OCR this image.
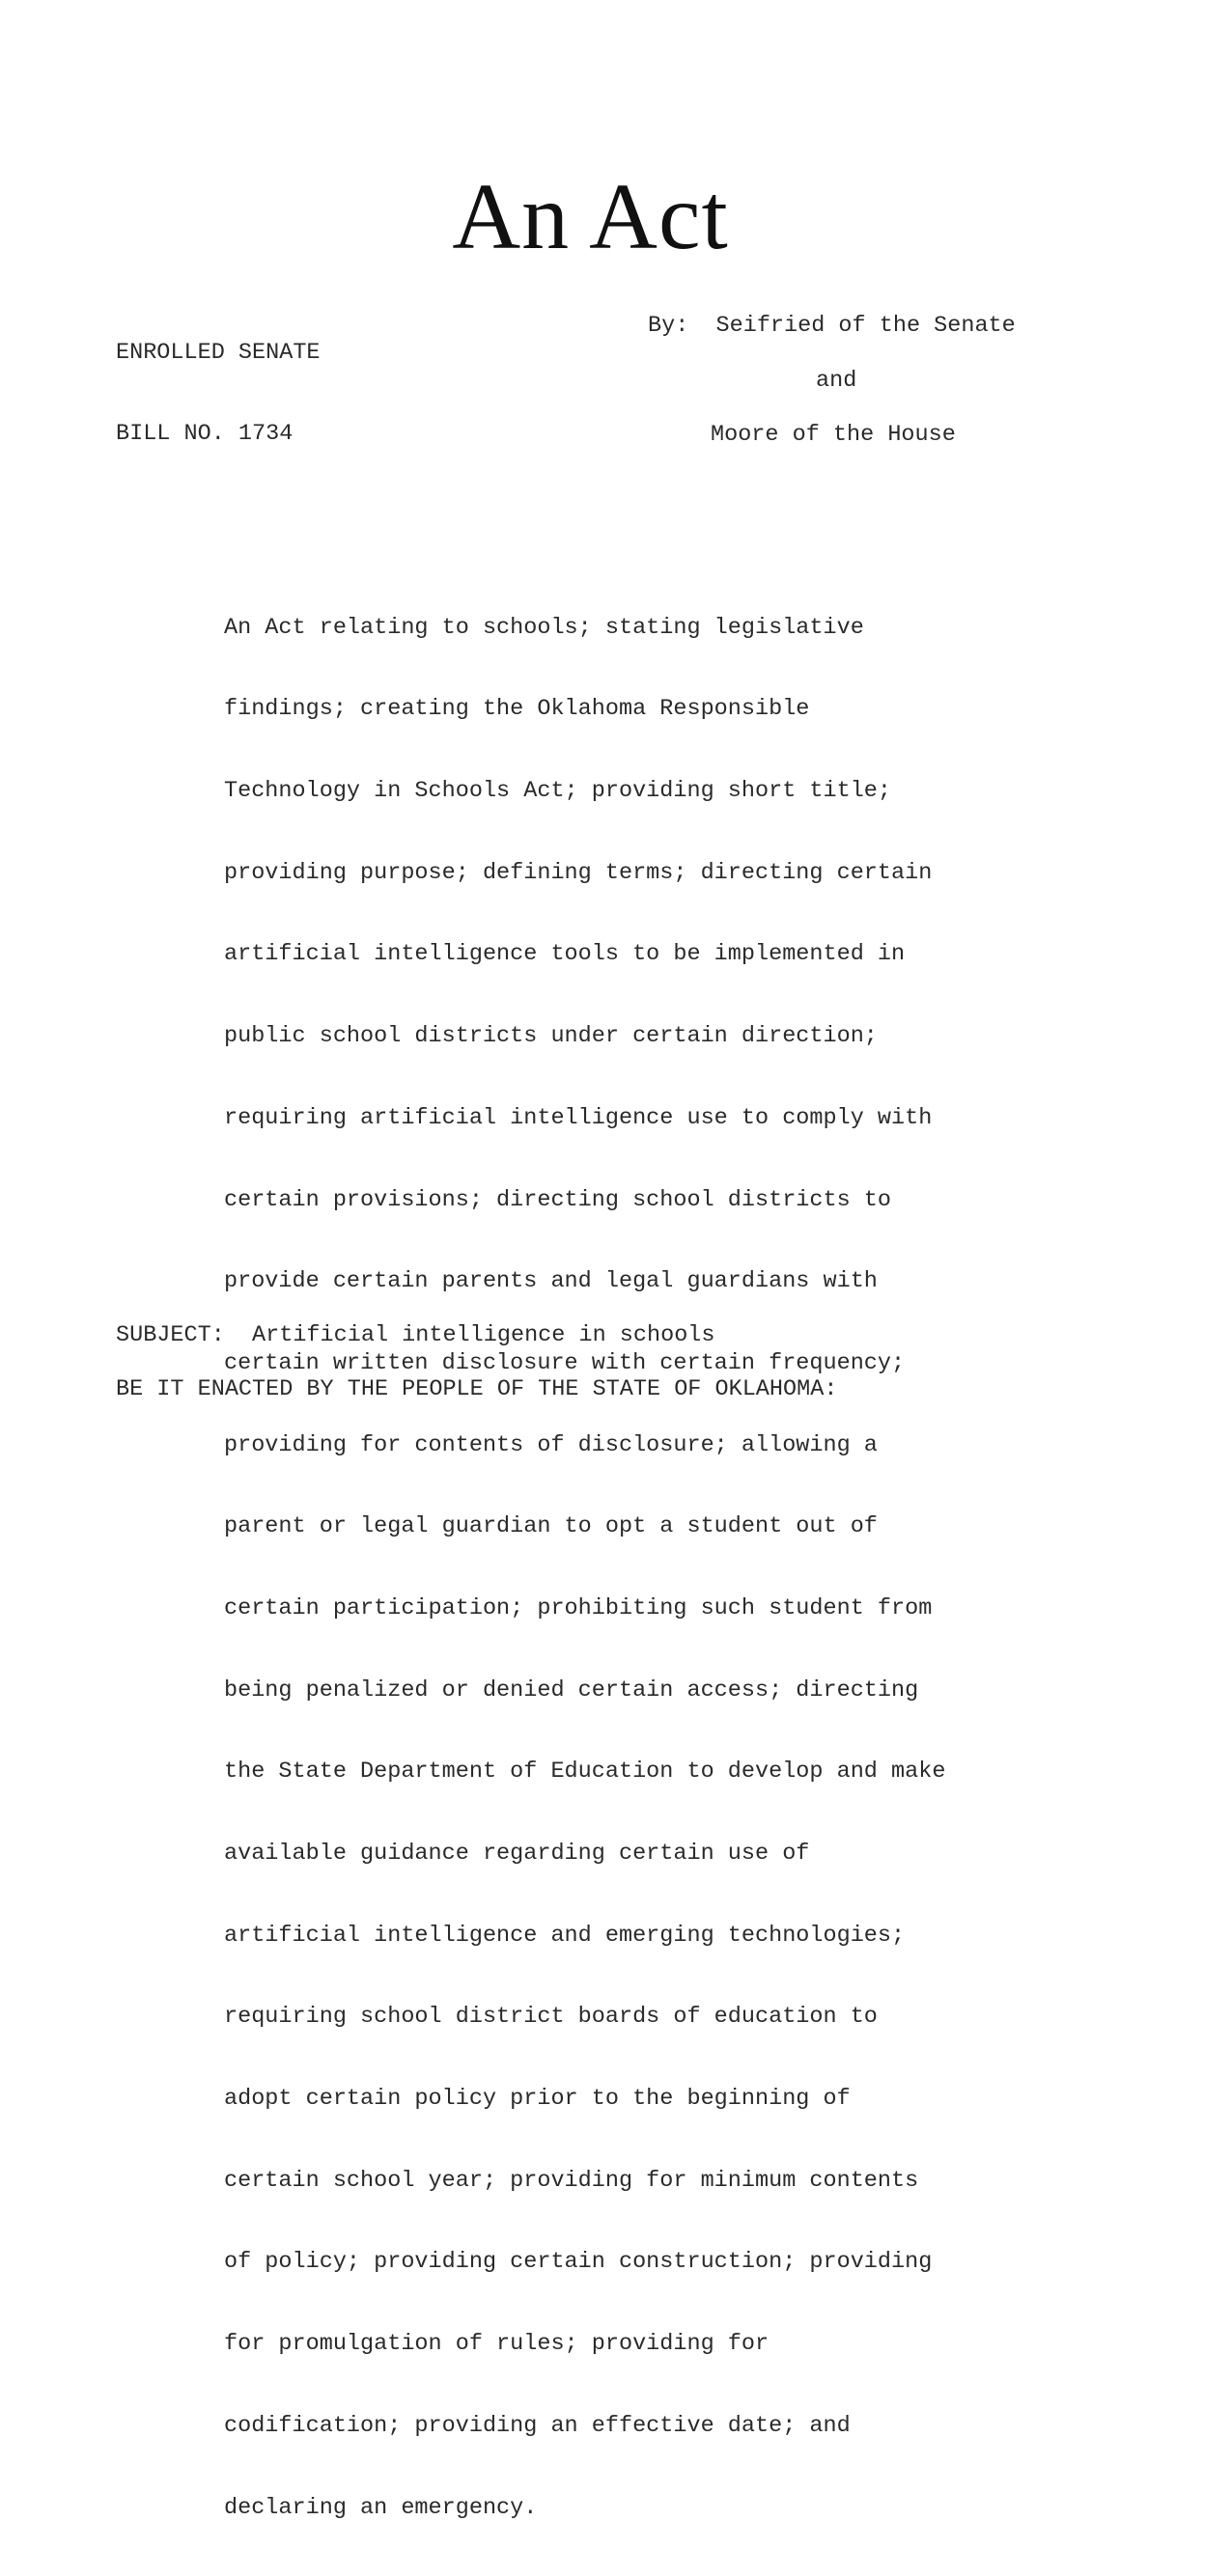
An Act

ENROLLED SENATE

BILL NO. 1734

By:  Seifried of the Senate
and
Moore of the House

An Act relating to schools; stating legislative

findings; creating the Oklahoma Responsible

Technology in Schools Act; providing short title;

providing purpose; defining terms; directing certain

artificial intelligence tools to be implemented in

public school districts under certain direction;

requiring artificial intelligence use to comply with

certain provisions; directing school districts to

provide certain parents and legal guardians with

certain written disclosure with certain frequency;

providing for contents of disclosure; allowing a

parent or legal guardian to opt a student out of

certain participation; prohibiting such student from

being penalized or denied certain access; directing

the State Department of Education to develop and make

available guidance regarding certain use of

artificial intelligence and emerging technologies;

requiring school district boards of education to

adopt certain policy prior to the beginning of

certain school year; providing for minimum contents

of policy; providing certain construction; providing

for promulgation of rules; providing for

codification; providing an effective date; and

declaring an emergency.

SUBJECT:  Artificial intelligence in schools
BE IT ENACTED BY THE PEOPLE OF THE STATE OF OKLAHOMA:
